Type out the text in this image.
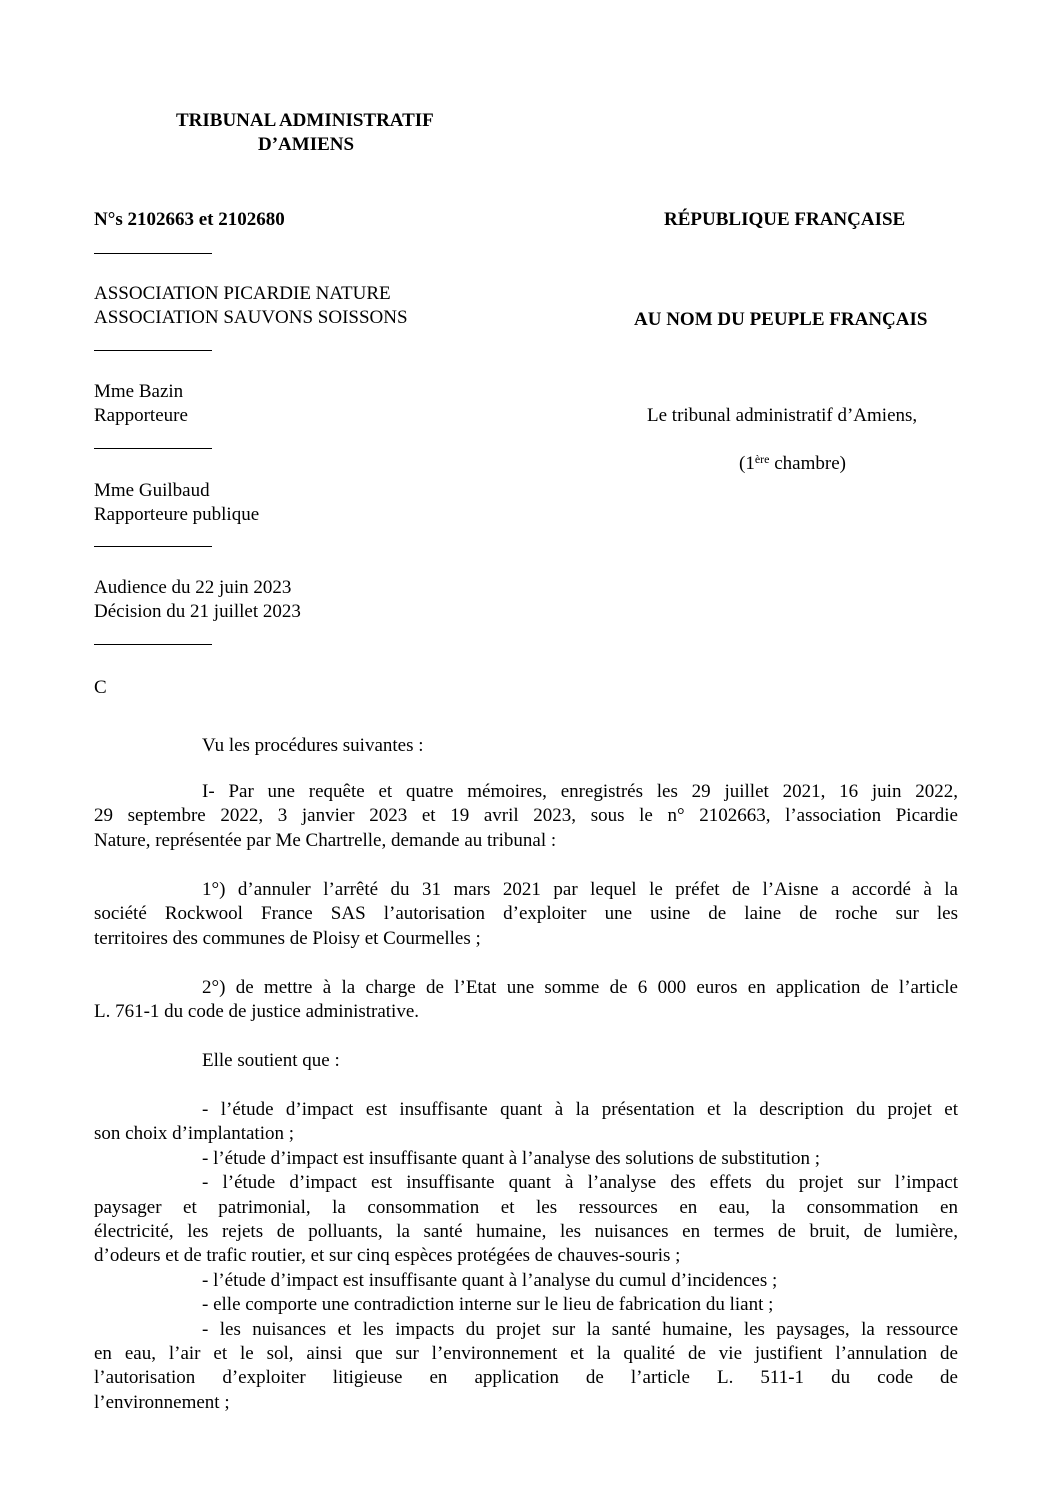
TRIBUNAL ADMINISTRATIF
D’AMIENS
N°s 2102663 et 2102680	RÉPUBLIQUE FRANÇAISE
ASSOCIATION PICARDIE NATURE
ASSOCIATION SAUVONS SOISSONS	AU NOM DU PEUPLE FRANÇAIS
Mme Bazin
Rapporteure	Le tribunal administratif d’Amiens,
(1ère chambre)
Mme Guilbaud
Rapporteure publique
Audience du 22 juin 2023
Décision du 21 juillet 2023
C
Vu les procédures suivantes :
I- Par une requête et quatre mémoires, enregistrés les 29 juillet 2021, 16 juin 2022,
29 septembre 2022, 3 janvier 2023 et 19 avril 2023, sous le n° 2102663, l’association Picardie
Nature, représentée par Me Chartrelle, demande au tribunal :
1°) d’annuler l’arrêté du 31 mars 2021 par lequel le préfet de l’Aisne a accordé à la
société Rockwool France SAS l’autorisation d’exploiter une usine de laine de roche sur les
territoires des communes de Ploisy et Courmelles ;
2°) de mettre à la charge de l’Etat une somme de 6 000 euros en application de l’article
L. 761-1 du code de justice administrative.
Elle soutient que :
- l’étude d’impact est insuffisante quant à la présentation et la description du projet et
son choix d’implantation ;
- l’étude d’impact est insuffisante quant à l’analyse des solutions de substitution ;
- l’étude d’impact est insuffisante quant à l’analyse des effets du projet sur l’impact
paysager et patrimonial, la consommation et les ressources en eau, la consommation en
électricité, les rejets de polluants, la santé humaine, les nuisances en termes de bruit, de lumière,
d’odeurs et de trafic routier, et sur cinq espèces protégées de chauves-souris ;
- l’étude d’impact est insuffisante quant à l’analyse du cumul d’incidences ;
- elle comporte une contradiction interne sur le lieu de fabrication du liant ;
- les nuisances et les impacts du projet sur la santé humaine, les paysages, la ressource
en eau, l’air et le sol, ainsi que sur l’environnement et la qualité de vie justifient l’annulation de
l’autorisation d’exploiter litigieuse en application de l’article L. 511-1 du code de
l’environnement ;
